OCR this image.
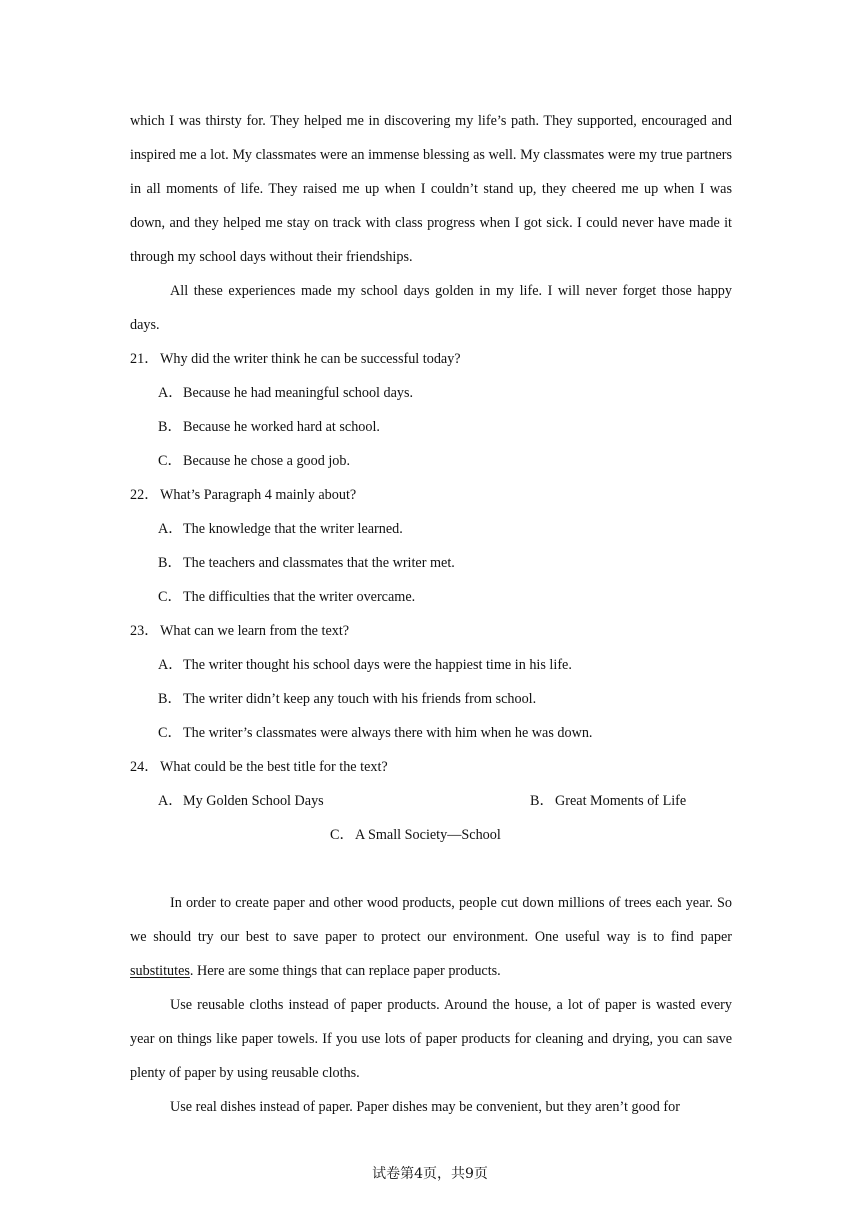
which I was thirsty for. They helped me in discovering my life’s path. They supported, encouraged and inspired me a lot. My classmates were an immense blessing as well. My classmates were my true partners in all moments of life. They raised me up when I couldn’t stand up, they cheered me up when I was down, and they helped me stay on track with class progress when I got sick. I could never have made it through my school days without their friendships.

All these experiences made my school days golden in my life. I will never forget those happy days.

21． Why did the writer think he can be successful today?

A．Because he had meaningful school days.

B．Because he worked hard at school.

C．Because he chose a good job.

22． What’s Paragraph 4 mainly about?

A．The knowledge that the writer learned.

B．The teachers and classmates that the writer met.

C．The difficulties that the writer overcame.

23． What can we learn from the text?

A．The writer thought his school days were the happiest time in his life.

B．The writer didn’t keep any touch with his friends from school.

C．The writer’s classmates were always there with him when he was down.

24． What could be the best title for the text?

A．My Golden School Days	B．Great Moments of Life
C．A Small Society—School

In order to create paper and other wood products, people cut down millions of trees each year. So we should try our best to save paper to protect our environment. One useful way is to find paper substitutes. Here are some things that can replace paper products.

Use reusable cloths instead of paper products. Around the house, a lot of paper is wasted every year on things like paper towels. If you use lots of paper products for cleaning and drying, you can save plenty of paper by using reusable cloths.

Use real dishes instead of paper. Paper dishes may be convenient, but they aren’t good for

试卷第4页，共9页
